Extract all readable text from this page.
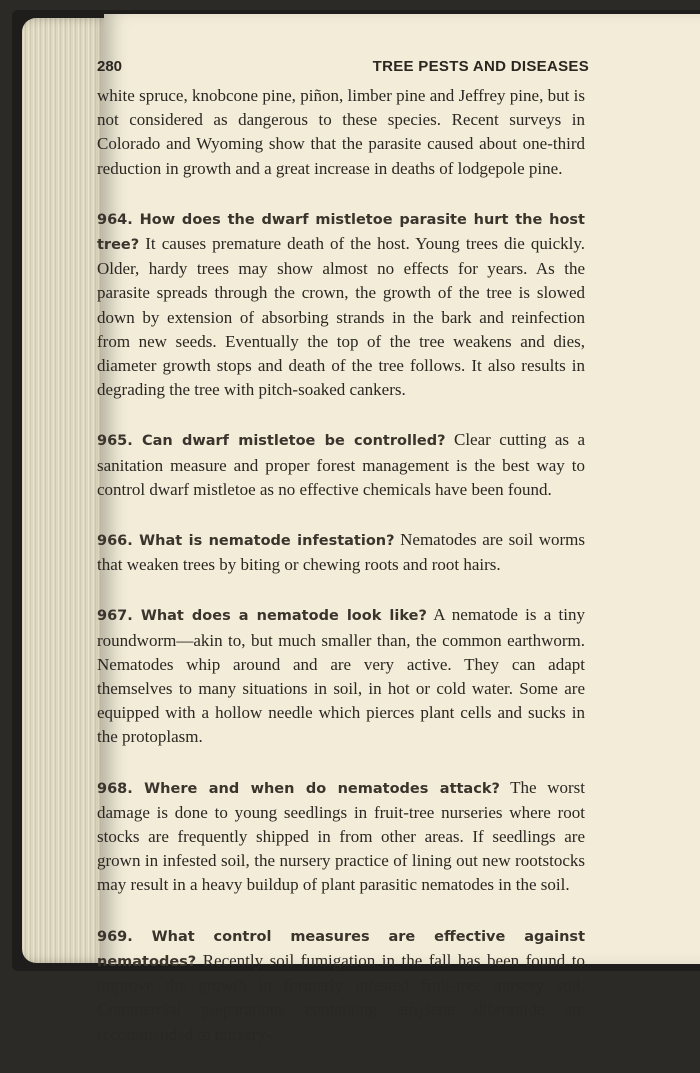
280	TREE PESTS AND DISEASES

white spruce, knobcone pine, piñon, limber pine and Jeffrey pine, but is not considered as dangerous to these species. Recent surveys in Colorado and Wyoming show that the parasite caused about one-third reduction in growth and a great increase in deaths of lodgepole pine.

964. How does the dwarf mistletoe parasite hurt the host tree? It causes premature death of the host. Young trees die quickly. Older, hardy trees may show almost no effects for years. As the parasite spreads through the crown, the growth of the tree is slowed down by extension of absorbing strands in the bark and reinfection from new seeds. Eventually the top of the tree weakens and dies, diameter growth stops and death of the tree follows. It also results in degrading the tree with pitch-soaked cankers.

965. Can dwarf mistletoe be controlled? Clear cutting as a sanitation measure and proper forest management is the best way to control dwarf mistletoe as no effective chemicals have been found.

966. What is nematode infestation? Nematodes are soil worms that weaken trees by biting or chewing roots and root hairs.

967. What does a nematode look like? A nematode is a tiny roundworm—akin to, but much smaller than, the common earthworm. Nematodes whip around and are very active. They can adapt themselves to many situations in soil, in hot or cold water. Some are equipped with a hollow needle which pierces plant cells and sucks in the protoplasm.

968. Where and when do nematodes attack? The worst damage is done to young seedlings in fruit-tree nurseries where root stocks are frequently shipped in from other areas. If seedlings are grown in infested soil, the nursery practice of lining out new rootstocks may result in a heavy buildup of plant parasitic nematodes in the soil.

969. What control measures are effective against nematodes? Recently soil fumigation in the fall has been found to improve the growth in formerly infested fruit-tree nursery soil. Commercial preparations containing ethylene dibromide are recommended to nursery-
